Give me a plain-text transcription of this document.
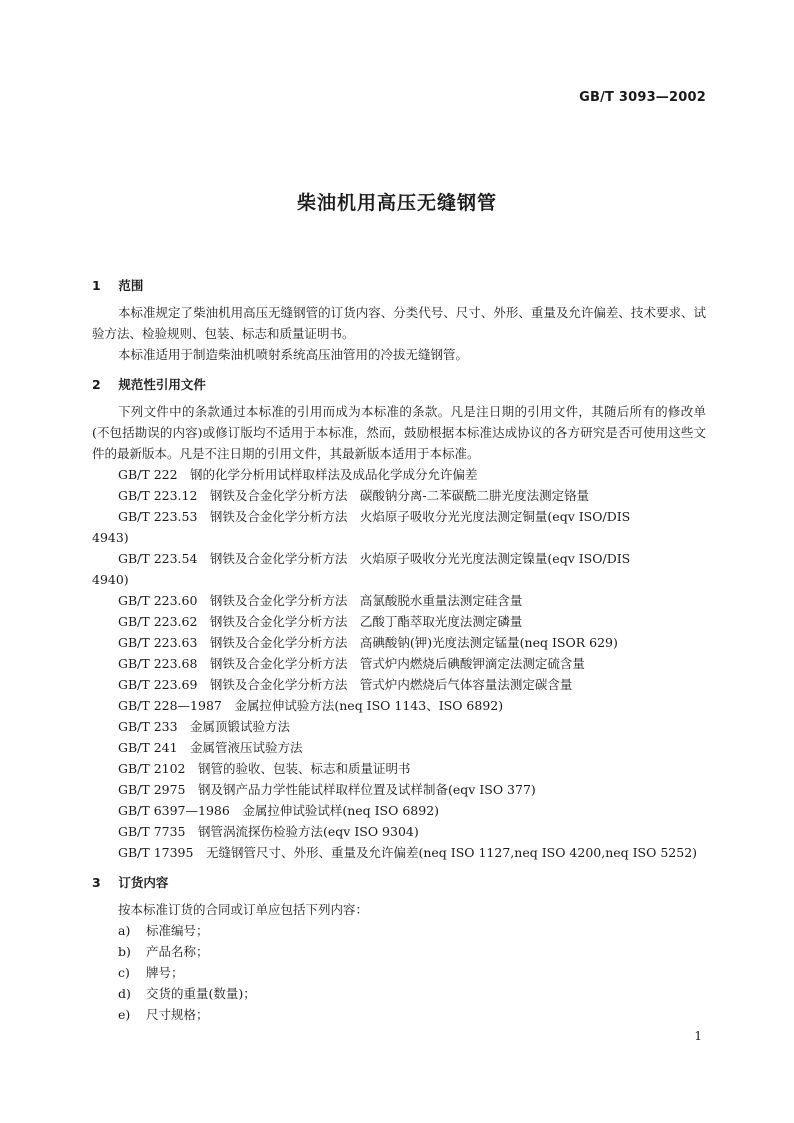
GB/T 3093—2002
柴油机用高压无缝钢管
1 范围
本标准规定了柴油机用高压无缝钢管的订货内容、分类代号、尺寸、外形、重量及允许偏差、技术要求、试验方法、检验规则、包装、标志和质量证明书。
本标准适用于制造柴油机喷射系统高压油管用的冷拔无缝钢管。
2 规范性引用文件
下列文件中的条款通过本标准的引用而成为本标准的条款。凡是注日期的引用文件，其随后所有的修改单(不包括勘误的内容)或修订版均不适用于本标准，然而，鼓励根据本标准达成协议的各方研究是否可使用这些文件的最新版本。凡是不注日期的引用文件，其最新版本适用于本标准。
GB/T 222　钢的化学分析用试样取样法及成品化学成分允许偏差
GB/T 223.12　钢铁及合金化学分析方法　碳酸钠分离-二苯碳酰二肼光度法测定铬量
GB/T 223.53　钢铁及合金化学分析方法　火焰原子吸收分光光度法测定铜量(eqv ISO/DIS
4943)
GB/T 223.54　钢铁及合金化学分析方法　火焰原子吸收分光光度法测定镍量(eqv ISO/DIS
4940)
GB/T 223.60　钢铁及合金化学分析方法　高氯酸脱水重量法测定硅含量
GB/T 223.62　钢铁及合金化学分析方法　乙酸丁酯萃取光度法测定磷量
GB/T 223.63　钢铁及合金化学分析方法　高碘酸钠(钾)光度法测定锰量(neq ISOR 629)
GB/T 223.68　钢铁及合金化学分析方法　管式炉内燃烧后碘酸钾滴定法测定硫含量
GB/T 223.69　钢铁及合金化学分析方法　管式炉内燃烧后气体容量法测定碳含量
GB/T 228—1987　金属拉伸试验方法(neq ISO 1143、ISO 6892)
GB/T 233　金属顶锻试验方法
GB/T 241　金属管液压试验方法
GB/T 2102　钢管的验收、包装、标志和质量证明书
GB/T 2975　钢及钢产品力学性能试样取样位置及试样制备(eqv ISO 377)
GB/T 6397—1986　金属拉伸试验试样(neq ISO 6892)
GB/T 7735　钢管涡流探伤检验方法(eqv ISO 9304)
GB/T 17395　无缝钢管尺寸、外形、重量及允许偏差(neq ISO 1127,neq ISO 4200,neq ISO 5252)
3 订货内容
按本标准订货的合同或订单应包括下列内容：
a) 标准编号；
b) 产品名称；
c) 牌号；
d) 交货的重量(数量)；
e) 尺寸规格；
1
